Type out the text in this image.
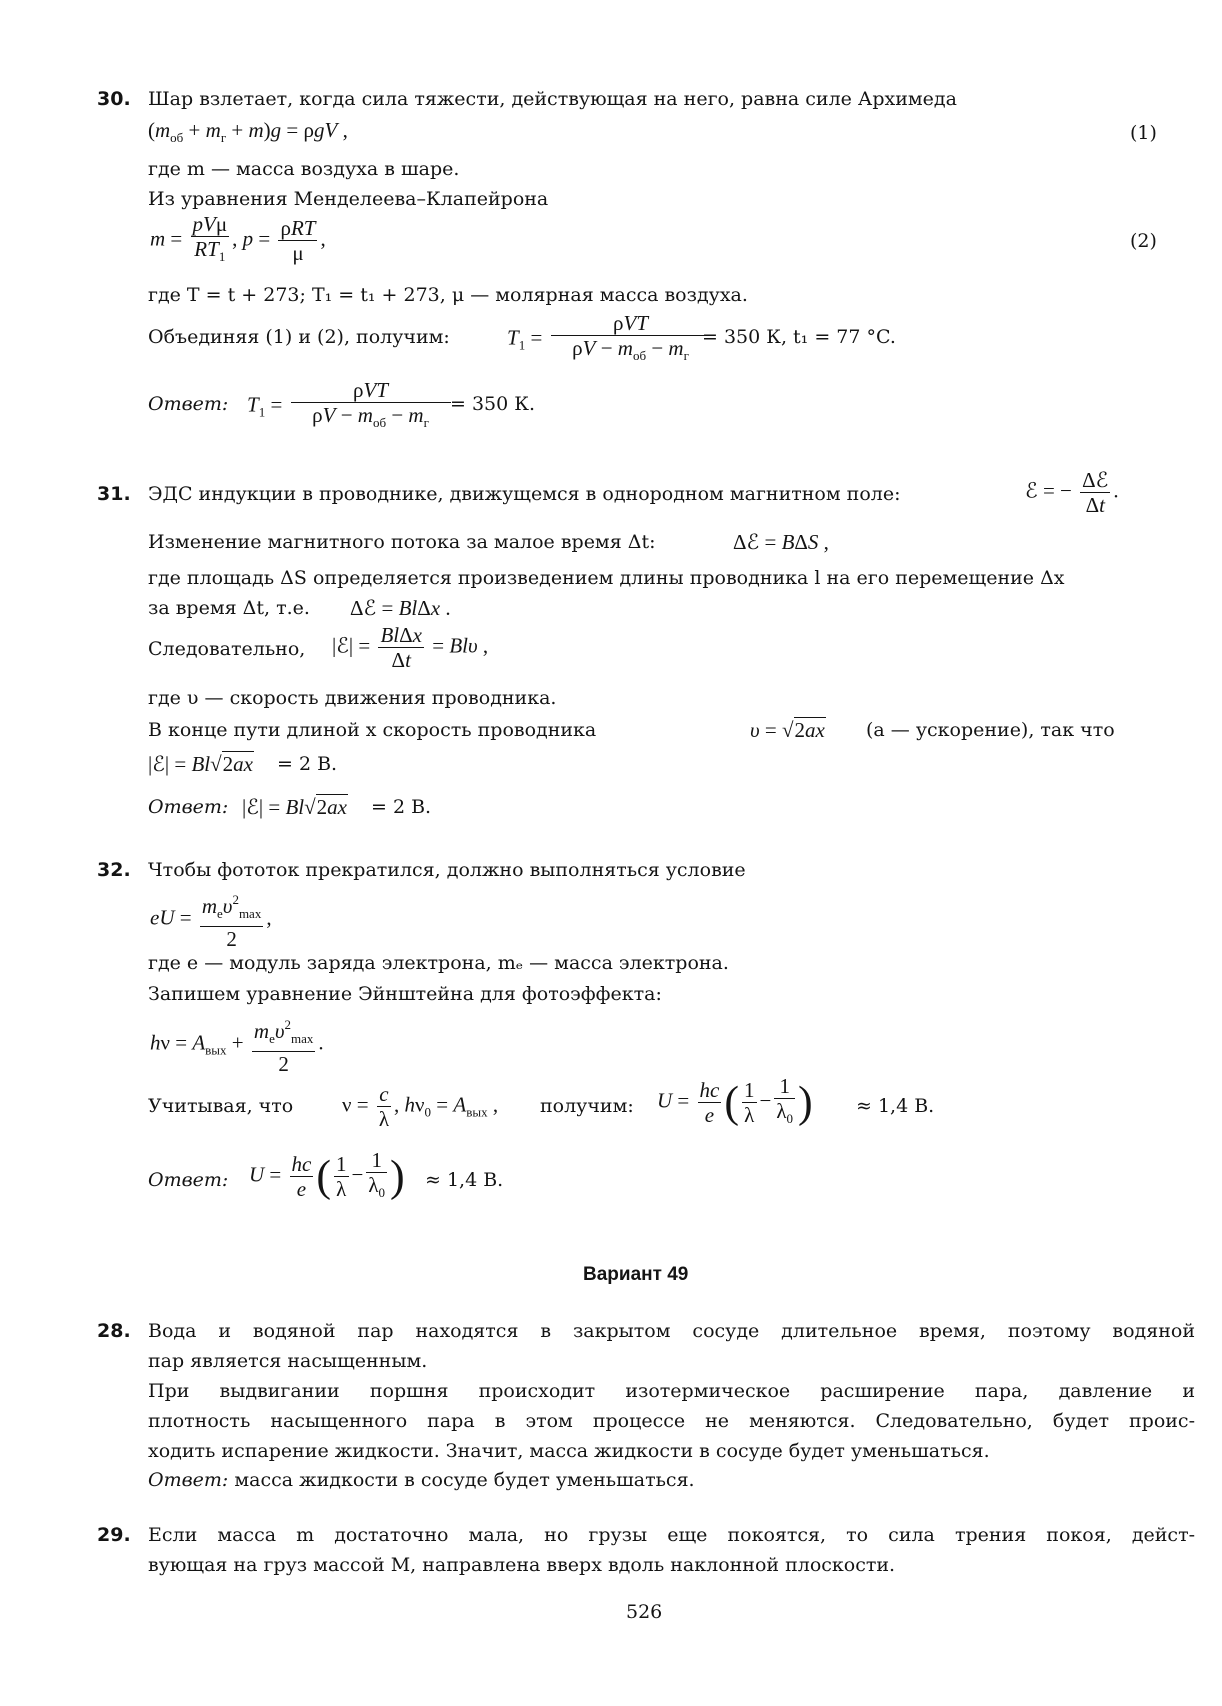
30. Шар взлетает, когда сила тяжести, действующая на него, равна силе Архимеда
$(m_{об} + m_г + m)g = \rho gV$ ,	(1)
где m — масса воздуха в шаре.
Из уравнения Менделеева–Клапейрона
$m = \frac{\text{pVμ}}{RT_1}$ , $p = \frac{\text{ρRT}}{\mu}$ ,	(2)
где T = t + 273; T₁ = t₁ + 273, μ — молярная масса воздуха.
Объединяя (1) и (2), получим:	$T_1 = \frac{\text{ρVT}}{\rho V - m_{об} - m_г}$
= 350 К, t₁ = 77 °C.
Ответ: $T_1 = \frac{\text{ρVT}}{\rho V - m_{об} - m_г} = 350$ К.
31. ЭДС индукции в проводнике, движущемся в однородном магнитном поле:	ℰ = − $\frac{\text{Δℰ}}{\Delta t}$ .
Изменение магнитного потока за малое время Δt:	Δℰ = BΔS ,
где площадь ΔS определяется произведением длины проводника l на его перемещение Δx
за время Δt, т.е. Δℰ = BlΔx .
Следовательно, |ℰ| = $\frac{\text{BlΔx}}{\Delta t} = Bl\upsilon$ ,
где υ — скорость движения проводника.
В конце пути длиной x скорость проводника	υ = √2ax (a — ускорение), так что
|ℰ| = Bl√2ax = 2 В.
Ответ: |ℰ| = Bl√2ax = 2 В.
32. Чтобы фототок прекратился, должно выполняться условие
eU = $\frac{m_e\upsilon^2_{max}}{2}$ ,
где e — модуль заряда электрона, mₑ — масса электрона.
Запишем уравнение Эйнштейна для фотоэффекта:
$h\nu = A_{вых} + \frac{m_e\upsilon^2_{max}}{2}$ .
Учитывая, что $\nu = \frac{c}{\lambda}$ , $h\nu_0 = A_{вых}$ , получим: $U = \frac{hc}{e}$ ( $\frac{1}{\lambda} - \frac{1}{\lambda_0}$ ) ≈ 1,4 В.
Ответ: $U = \frac{hc}{e}$ ( $\frac{1}{\lambda} - \frac{1}{\lambda_0}$ ) ≈ 1,4 В.
Вариант 49
28. Вода и водяной пар находятся в закрытом сосуде длительное время, поэтому водяной
пар является насыщенным.
При выдвигании поршня происходит изотермическое расширение пара, давление и
плотность насыщенного пара в этом процессе не меняются. Следовательно, будет проис-
ходить испарение жидкости. Значит, масса жидкости в сосуде будет уменьшаться.
Ответ: масса жидкости в сосуде будет уменьшаться.
29. Если масса m достаточно мала, но грузы еще покоятся, то сила трения покоя, дейст-
вующая на груз массой M, направлена вверх вдоль наклонной плоскости.
526
